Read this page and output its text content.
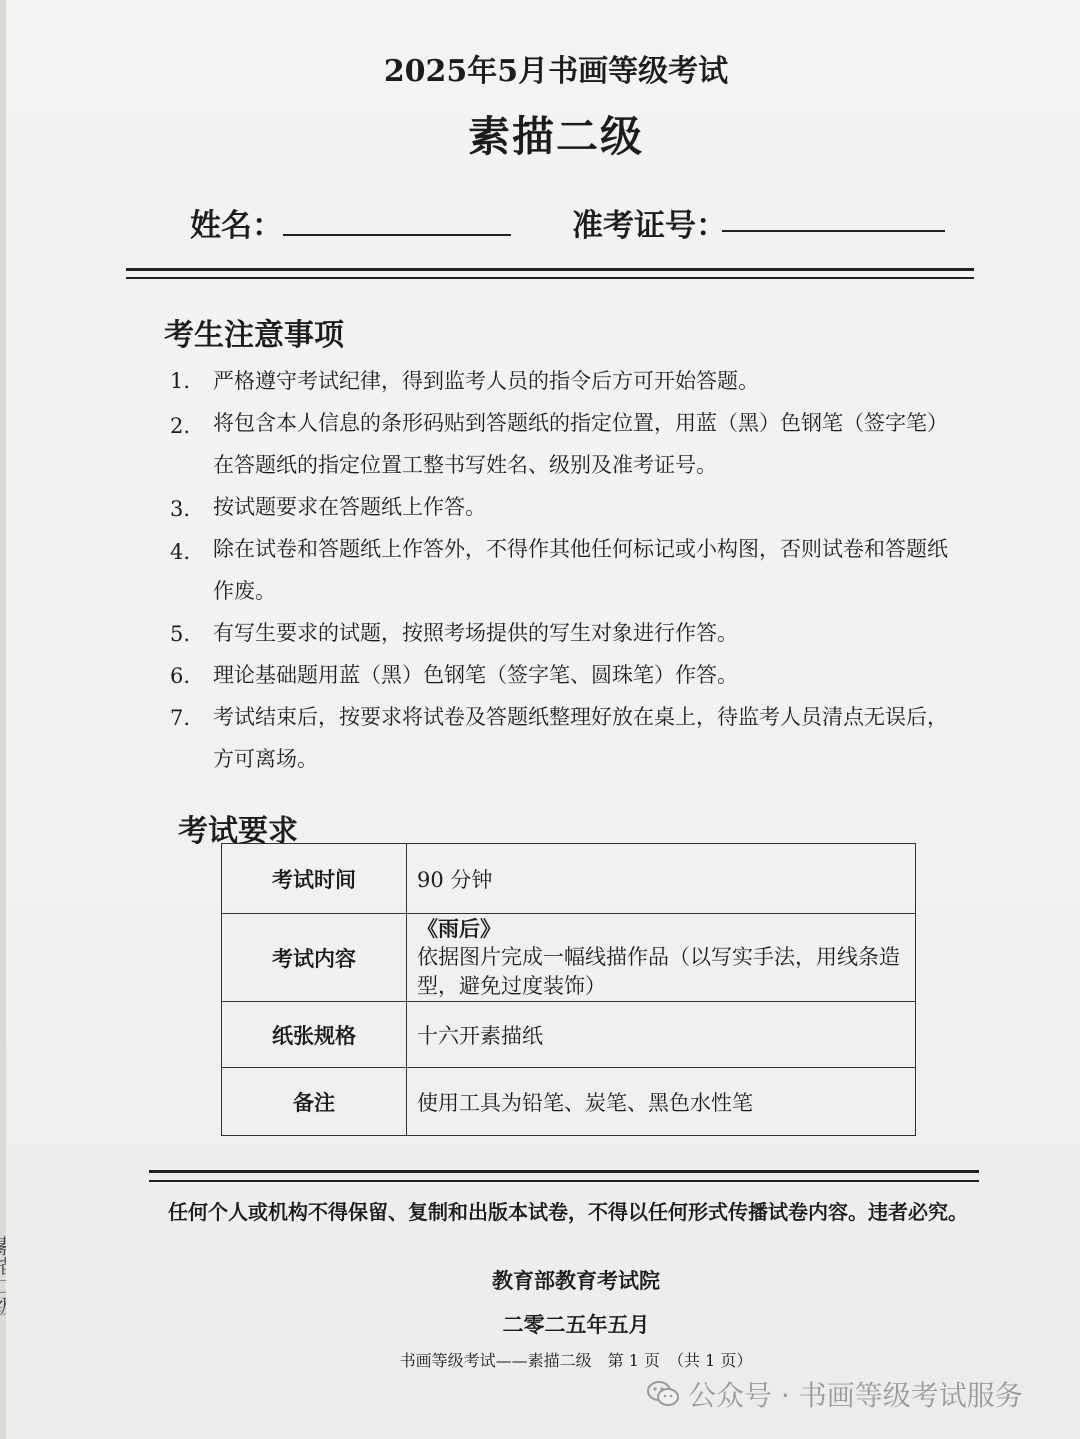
2025年5月书画等级考试
素描二级
姓名：	准考证号：
考生注意事项
1. 严格遵守考试纪律，得到监考人员的指令后方可开始答题。
2. 将包含本人信息的条形码贴到答题纸的指定位置，用蓝（黑）色钢笔（签字笔）在答题纸的指定位置工整书写姓名、级别及准考证号。
3. 按试题要求在答题纸上作答。
4. 除在试卷和答题纸上作答外，不得作其他任何标记或小构图，否则试卷和答题纸作废。
5. 有写生要求的试题，按照考场提供的写生对象进行作答。
6. 理论基础题用蓝（黑）色钢笔（签字笔、圆珠笔）作答。
7. 考试结束后，按要求将试卷及答题纸整理好放在桌上，待监考人员清点无误后，方可离场。
考试要求
考试时间	90 分钟
考试内容	《雨后》
依据图片完成一幅线描作品（以写实手法，用线条造型，避免过度装饰）

纸张规格	十六开素描纸
备注	使用工具为铅笔、炭笔、黑色水性笔
任何个人或机构不得保留、复制和出版本试卷，不得以任何形式传播试卷内容。违者必究。
教育部教育考试院
二零二五年五月
书画等级考试——素描二级　第 1 页　（共 1 页）
公众号 · 书画等级考试服务
